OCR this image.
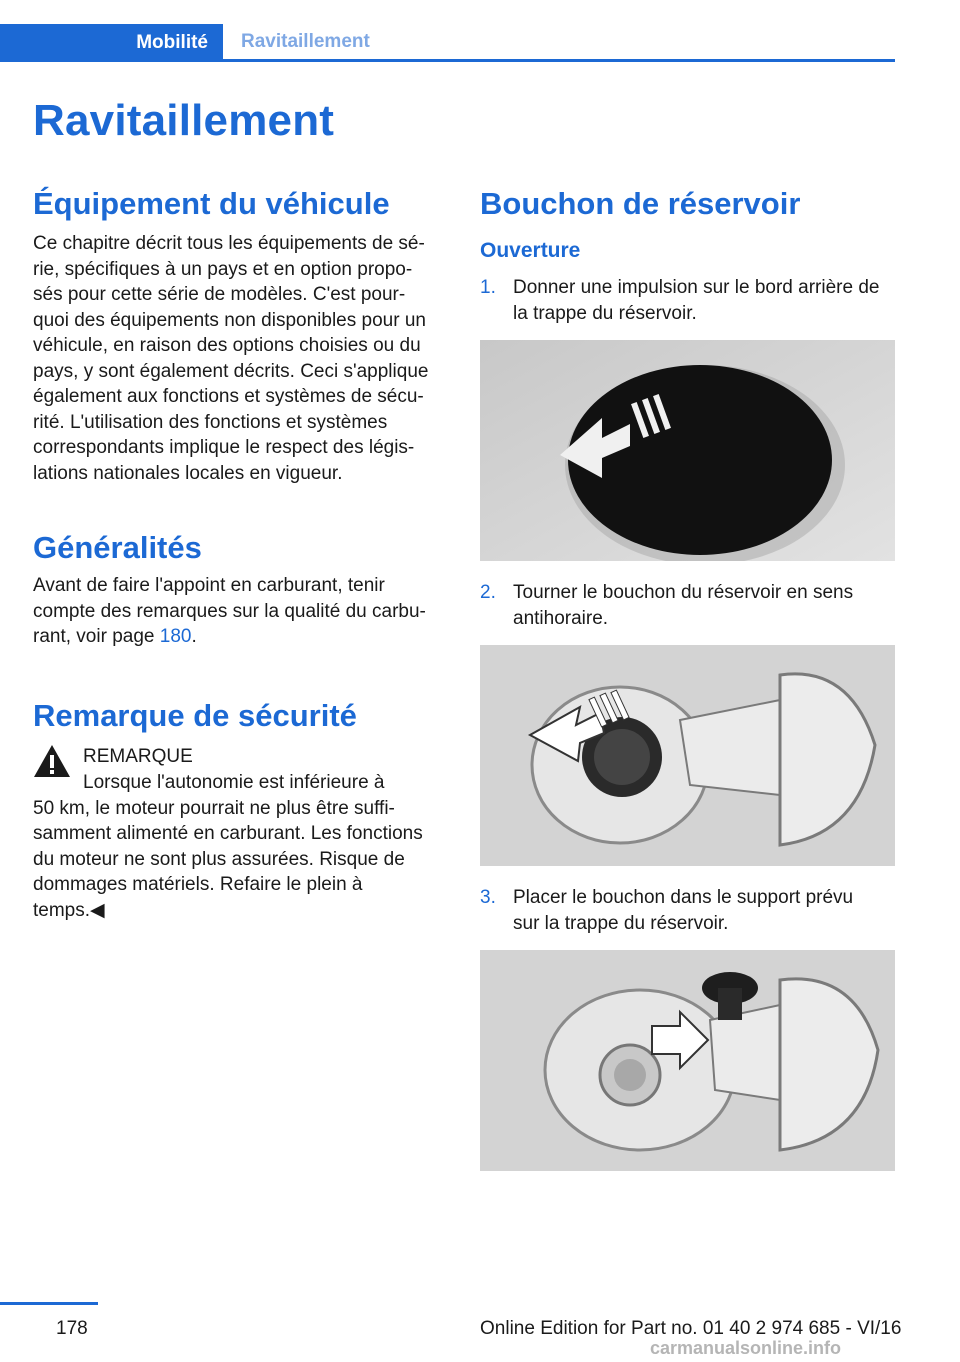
Mobilité	Ravitaillement
Ravitaillement
Équipement du véhicule

Ce chapitre décrit tous les équipements de sé‐

rie, spécifiques à un pays et en option propo‐

sés pour cette série de modèles. C'est pour‐

quoi des équipements non disponibles pour un

véhicule, en raison des options choisies ou du

pays, y sont également décrits. Ceci s'applique

également aux fonctions et systèmes de sécu‐

rité. L'utilisation des fonctions et systèmes

correspondants implique le respect des légis‐

lations nationales locales en vigueur.

Généralités

Avant de faire l'appoint en carburant, tenir

compte des remarques sur la qualité du carbu‐

rant, voir page 180.

Remarque de sécurité
REMARQUE

Lorsque l'autonomie est inférieure à

50 km, le moteur pourrait ne plus être suffi‐

samment alimenté en carburant. Les fonctions

du moteur ne sont plus assurées. Risque de

dommages matériels. Refaire le plein à

temps.◀

Bouchon de réservoir
Ouverture
1. Donner une impulsion sur le bord arrière de

la trappe du réservoir.

2. Tourner le bouchon du réservoir en sens

antihoraire.

3. Placer le bouchon dans le support prévu

sur la trappe du réservoir.

178	Online Edition for Part no. 01 40 2 974 685 - VI/16
carmanualsonline.info
